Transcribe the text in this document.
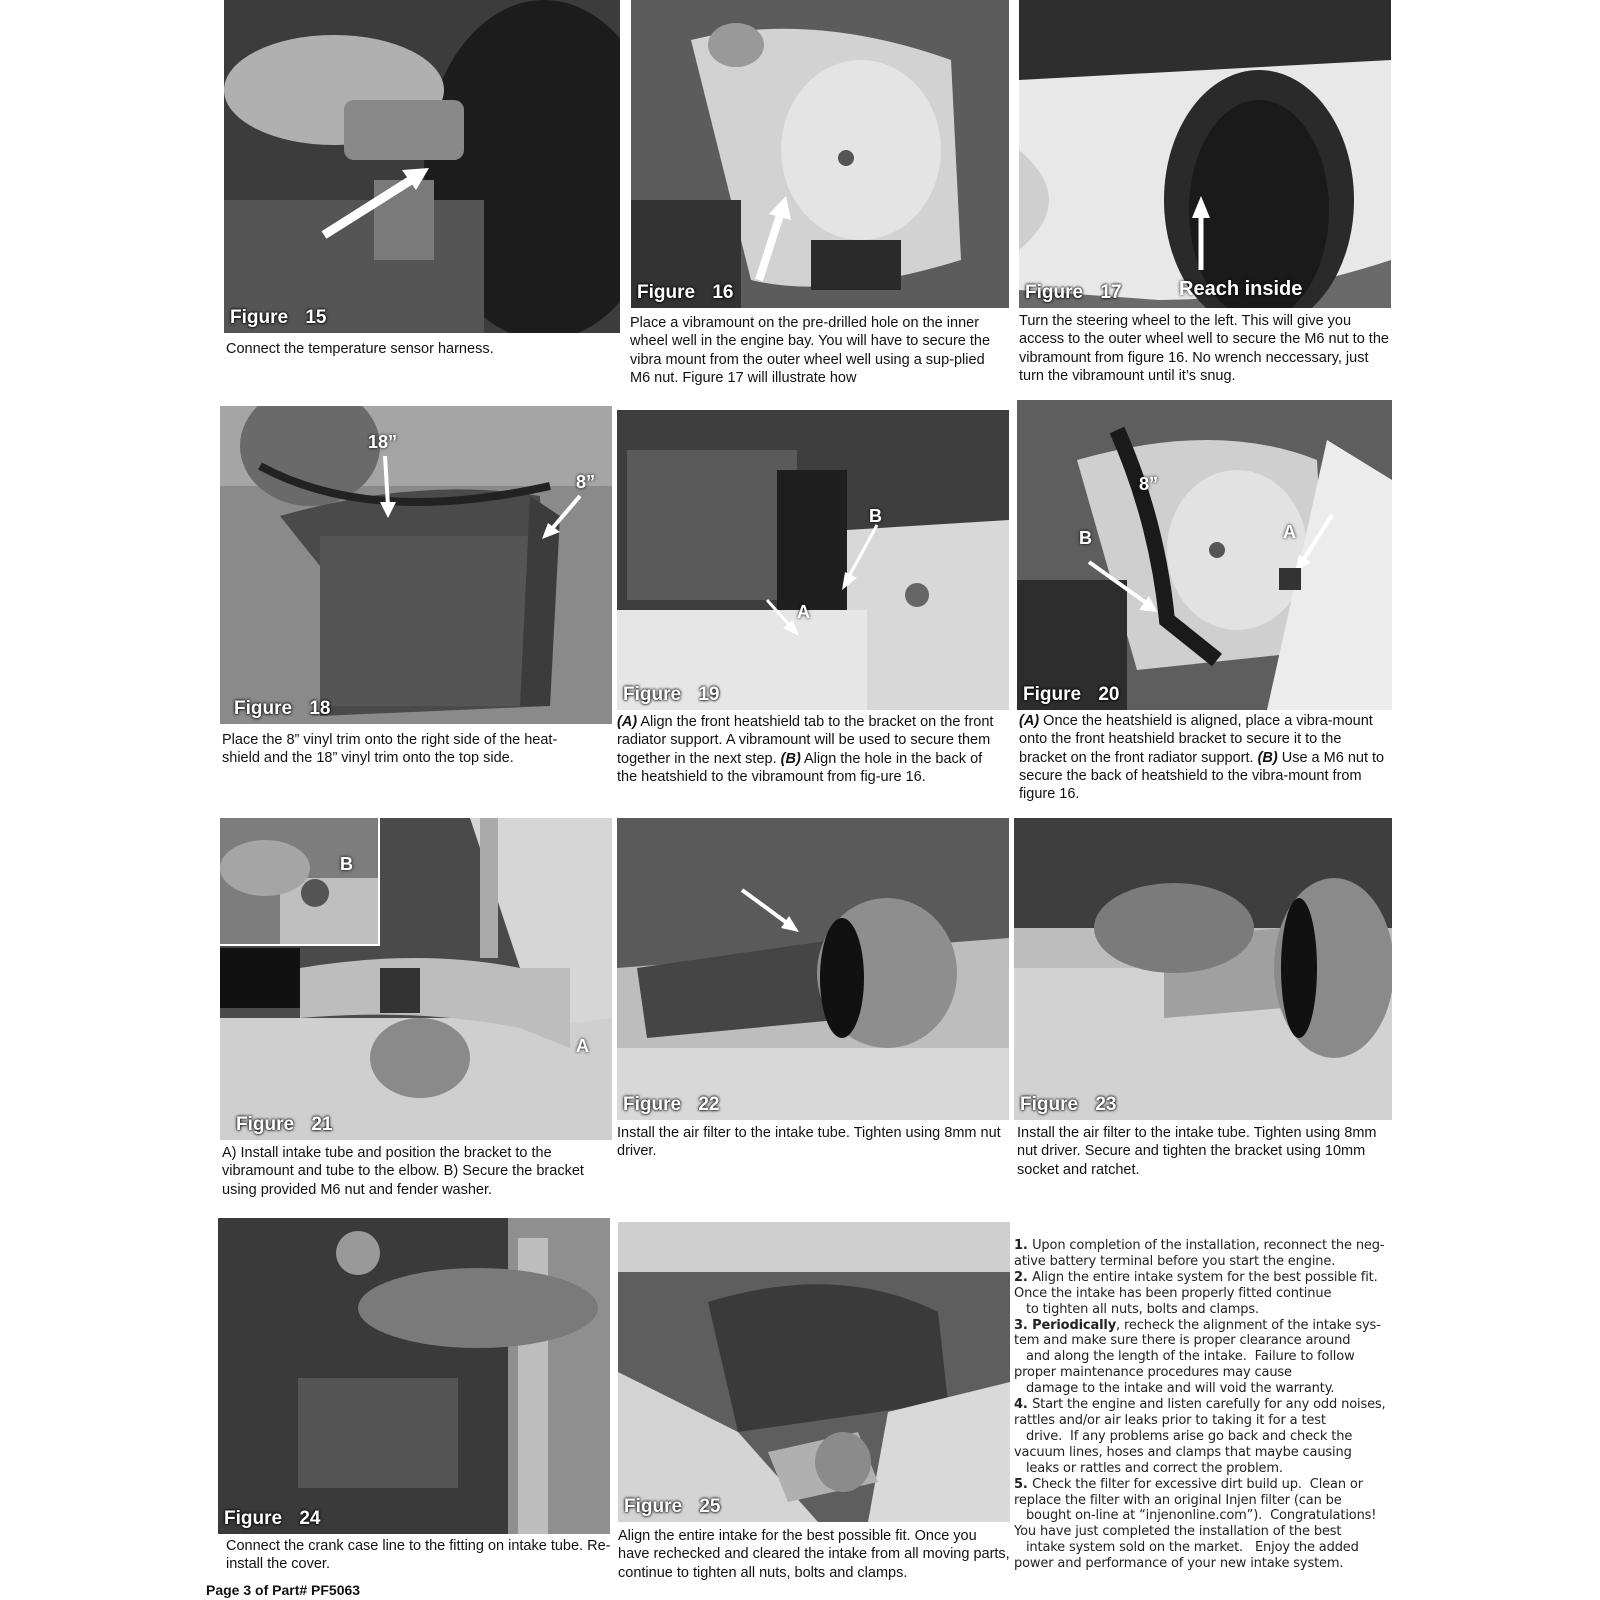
Figure 15
Connect the temperature sensor harness.
Figure 16
Place a vibramount on the pre-drilled hole on the inner wheel well in the engine bay. You will have to secure the vibra mount from the outer wheel well using a sup-plied M6 nut. Figure 17 will illustrate how
Reach inside
Figure 17
Turn the steering wheel to the left. This will give you access to the outer wheel well to secure the M6 nut to the vibramount from figure 16. No wrench neccessary, just turn the vibramount until it’s snug.
18”
8”
Figure 18
Place the 8” vinyl trim onto the right side of the heat-shield and the 18” vinyl trim onto the top side.
B
A
Figure 19
(A) Align the front heatshield tab to the bracket on the front radiator support. A vibramount will be used to secure them together in the next step. (B) Align the hole in the back of the heatshield to the vibramount from fig-ure 16.
8”
B	A
Figure 20
(A) Once the heatshield is aligned, place a vibra-mount onto the front heatshield bracket to secure it to the bracket on the front radiator support. (B) Use a M6 nut to secure the back of heatshield to the vibra-mount from figure 16.
B
A
Figure 21
A) Install intake tube and position the bracket to the vibramount and tube to the elbow. B) Secure the bracket using provided M6 nut and fender washer.
Figure 22
Install the air filter to the intake tube. Tighten using 8mm nut driver.
Figure 23
Install the air filter to the intake tube. Tighten using 8mm nut driver. Secure and tighten the bracket using 10mm socket and ratchet.
Figure 24
Connect the crank case line to the fitting on intake tube. Re-install the cover.
Figure 25
Align the entire intake for the best possible fit. Once you have rechecked and cleared the intake from all moving parts, continue to tighten all nuts, bolts and clamps.
1. Upon completion of the installation, reconnect the neg-
ative battery terminal before you start the engine.
2. Align the entire intake system for the best possible fit.
Once the intake has been properly fitted continue
to tighten all nuts, bolts and clamps.
3. Periodically, recheck the alignment of the intake sys-
tem and make sure there is proper clearance around
and along the length of the intake.  Failure to follow
proper maintenance procedures may cause
damage to the intake and will void the warranty.
4. Start the engine and listen carefully for any odd noises,
rattles and/or air leaks prior to taking it for a test
drive.  If any problems arise go back and check the
vacuum lines, hoses and clamps that maybe causing
leaks or rattles and correct the problem.
5. Check the filter for excessive dirt build up.  Clean or
replace the filter with an original Injen filter (can be
bought on-line at “injenonline.com”).  Congratulations!
You have just completed the installation of the best
intake system sold on the market.   Enjoy the added
power and performance of your new intake system.
Page 3 of Part# PF5063
